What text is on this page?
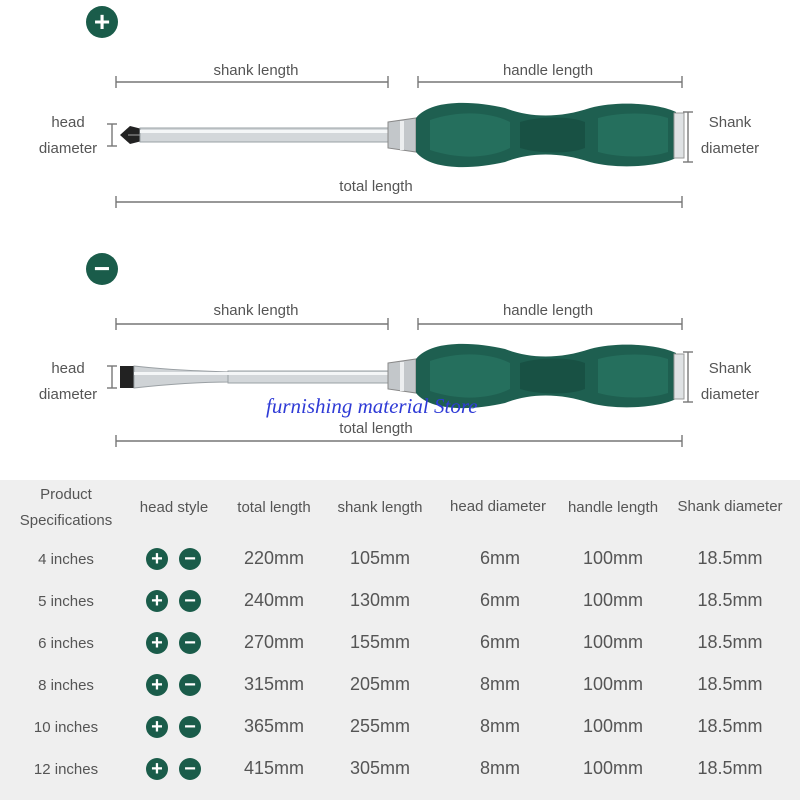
+
shank length	handle length
head
diameter
Shank
diameter
total length
−
shank length	handle length
head
diameter
Shank
diameter
total length
furnishing material Store
Product
Specifications
head style	total length	shank length	head diameter	handle length	Shank diameter
4 inches	+ −	220mm	105mm	6mm	100mm	18.5mm
5 inches	+ −	240mm	130mm	6mm	100mm	18.5mm
6 inches	+ −	270mm	155mm	6mm	100mm	18.5mm
8 inches	+ −	315mm	205mm	8mm	100mm	18.5mm
10 inches	+ −	365mm	255mm	8mm	100mm	18.5mm
12 inches	+ −	415mm	305mm	8mm	100mm	18.5mm
